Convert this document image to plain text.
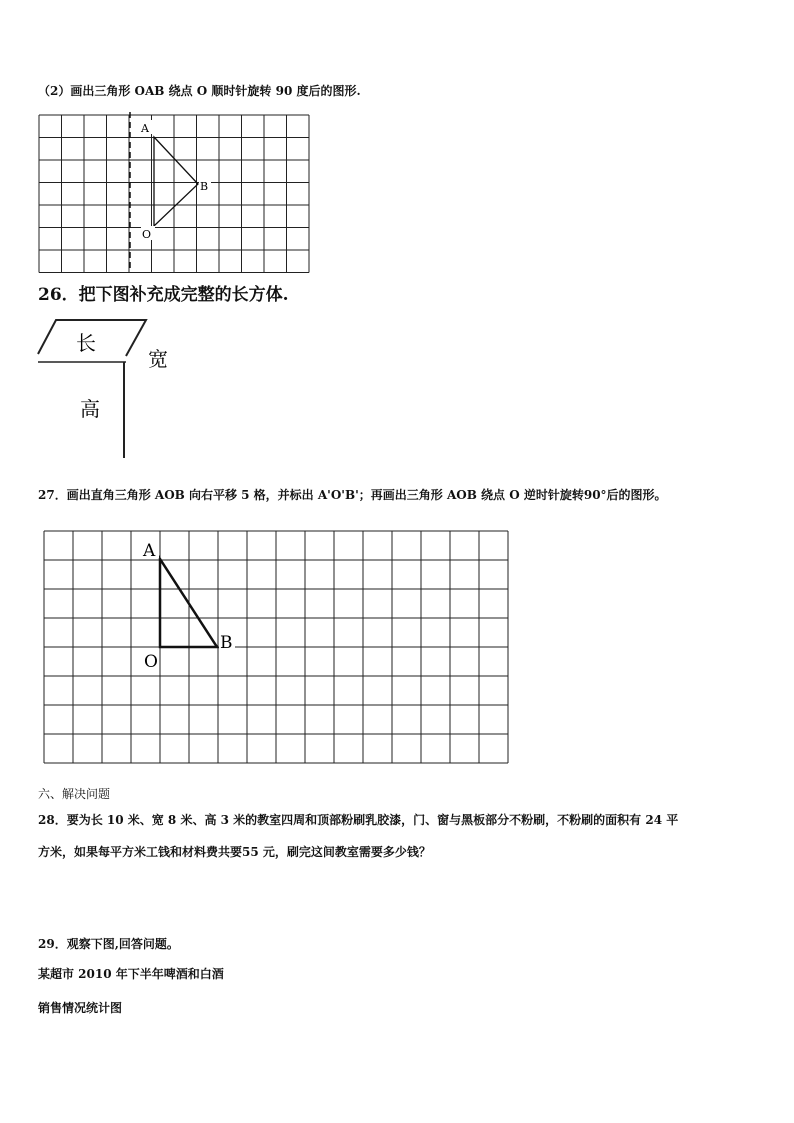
（2）画出三角形 OAB 绕点 O 顺时针旋转 90 度后的图形.
A
B
O
26．把下图补充成完整的长方体.
长
宽
高
27．画出直角三角形 AOB 向右平移 5 格，并标出 A'O'B'；再画出三角形 AOB 绕点 O 逆时针旋转90°后的图形。
A
B
O
六、解决问题
28．要为长 10 米、宽 8 米、高 3 米的教室四周和顶部粉刷乳胶漆，门、窗与黑板部分不粉刷，不粉刷的面积有 24 平
方米，如果每平方米工钱和材料费共要55 元，刷完这间教室需要多少钱？
29．观察下图,回答问题。
某超市 2010 年下半年啤酒和白酒
销售情况统计图
